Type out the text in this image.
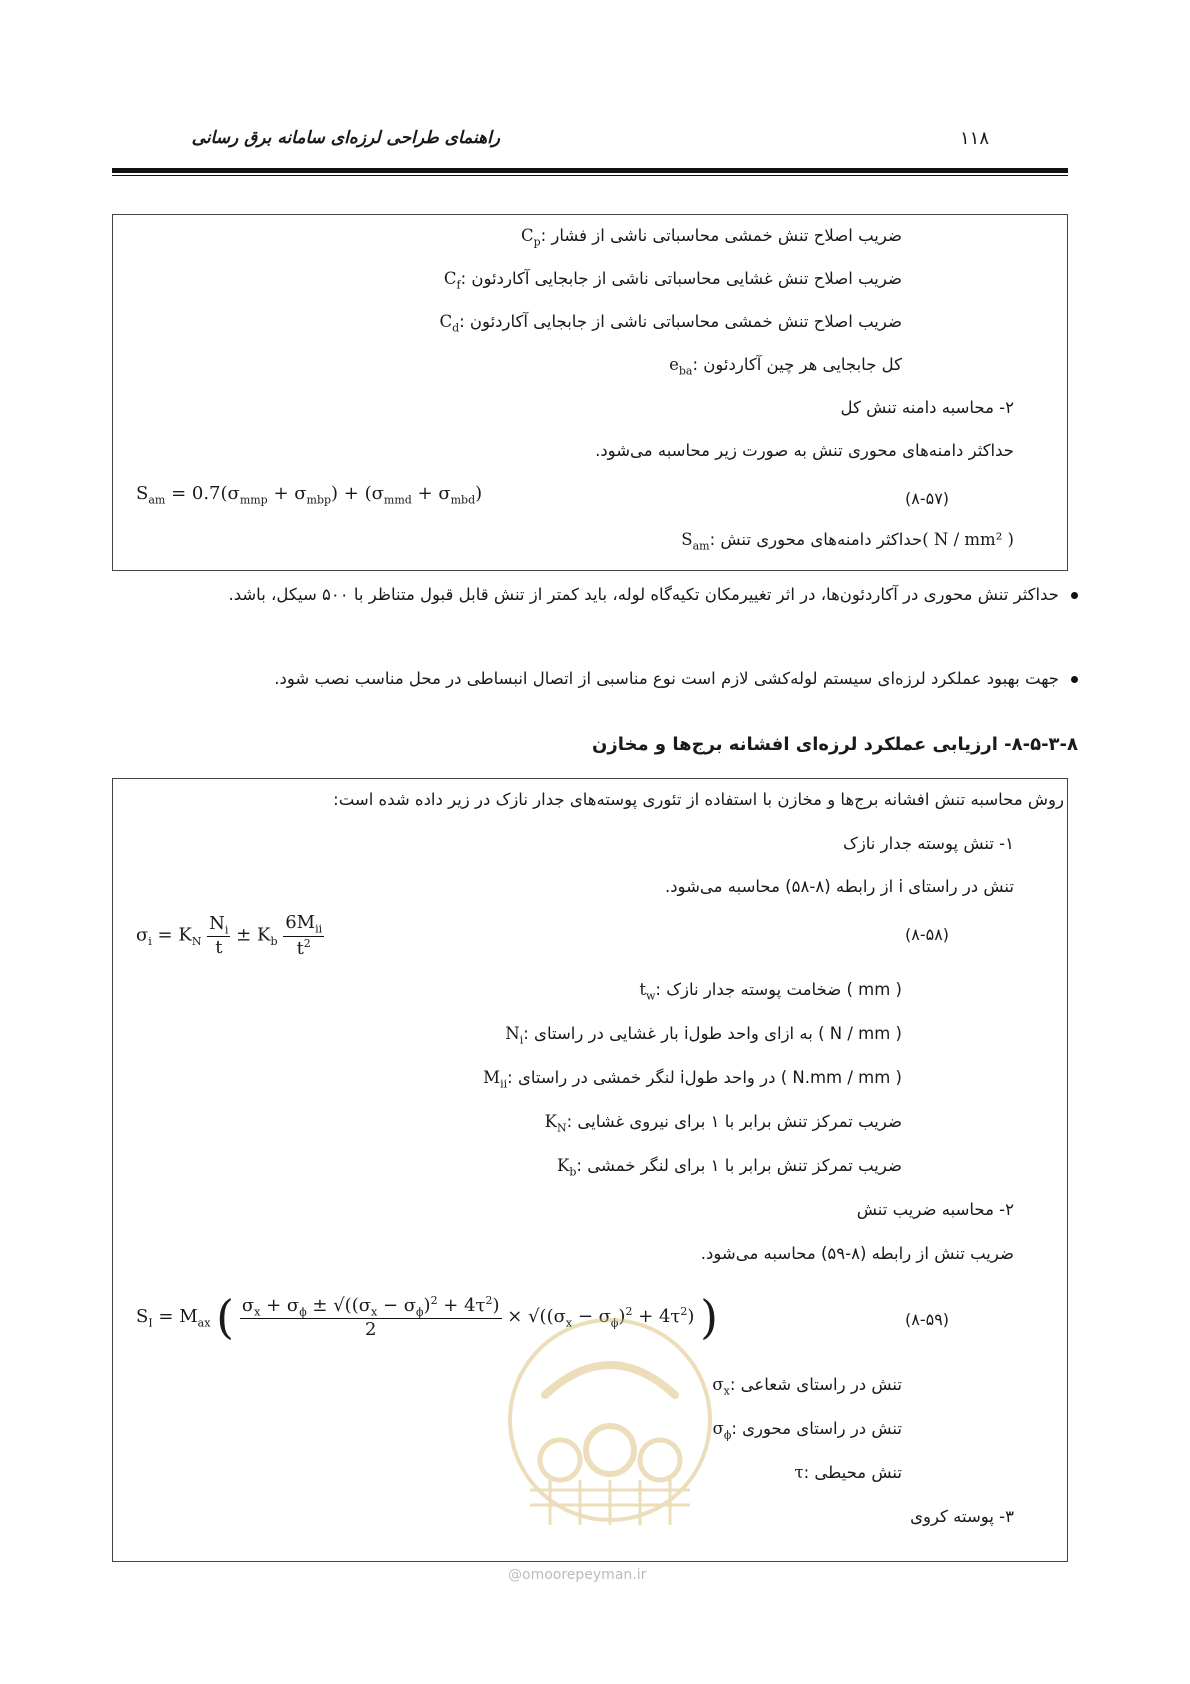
راهنمای طراحی لرزه‌ای سامانه برق رسانی	۱۱۸
$C_p$: ضریب اصلاح تنش خمشی محاسباتی ناشی از فشار
$C_f$: ضریب اصلاح تنش غشایی محاسباتی ناشی از جابجایی آکاردئون
$C_d$: ضریب اصلاح تنش خمشی محاسباتی ناشی از جابجایی آکاردئون
$e_{ba}$: کل جابجایی هر چین آکاردئون
۲- محاسبه دامنه تنش کل
حداکثر دامنه‌های محوری تنش به صورت زیر محاسبه می‌شود.
$S_{am} = 0.7(\sigma_{mmp} + \sigma_{mbp}) + (\sigma_{mmd} + \sigma_{mbd})$	(۸-۵۷)
$S_{am}$: حداکثر دامنه‌های محوری تنش( N / mm² )
حداکثر تنش محوری در آکاردئون‌ها، در اثر تغییرمکان تکیه‌گاه لوله، باید کمتر از تنش قابل قبول متناظر با ۵۰۰ سیکل، باشد.
جهت بهبود عملکرد لرزه‌ای سیستم لوله‌کشی لازم است نوع مناسبی از اتصال انبساطی در محل مناسب نصب شود.
۸-۵-۳-۸- ارزیابی عملکرد لرزه‌ای افشانه برج‌ها و مخازن
روش محاسبه تنش افشانه برج‌ها و مخازن با استفاده از تئوری پوسته‌های جدار نازک در زیر داده شده است:
۱- تنش پوسته جدار نازک
تنش در راستای i از رابطه (۸-۵۸) محاسبه می‌شود.
$\sigma_i = K_N \frac{N_i}{t} \pm K_b \frac{6M_{ii}}{t^2}$	(۸-۵۸)
$t_w$: ضخامت پوسته جدار نازک ( mm )
$N_i$: بار غشایی در راستای iبه ازای واحد طول ( N / mm )
$M_{ii}$: لنگر خمشی در راستای iدر واحد طول ( N.mm / mm )
$K_N$: ضریب تمرکز تنش برابر با ۱ برای نیروی غشایی
$K_b$: ضریب تمرکز تنش برابر با ۱ برای لنگر خمشی
۲- محاسبه ضریب تنش
ضریب تنش از رابطه (۸-۵۹) محاسبه می‌شود.
$S_I = M_{ax}$ ( $\frac{\sigma_x + \sigma_\phi \pm √((\sigma_x - \sigma_\phi)^2 + 4\tau^2)}{2} \times √((\sigma_x - \sigma_\phi)^2 + 4\tau^2)$ )	(۸-۵۹)
$\sigma_x$: تنش در راستای شعاعی
$\sigma_\phi$: تنش در راستای محوری
τ: تنش محیطی
۳- پوسته کروی
@omoorepeyman.ir
